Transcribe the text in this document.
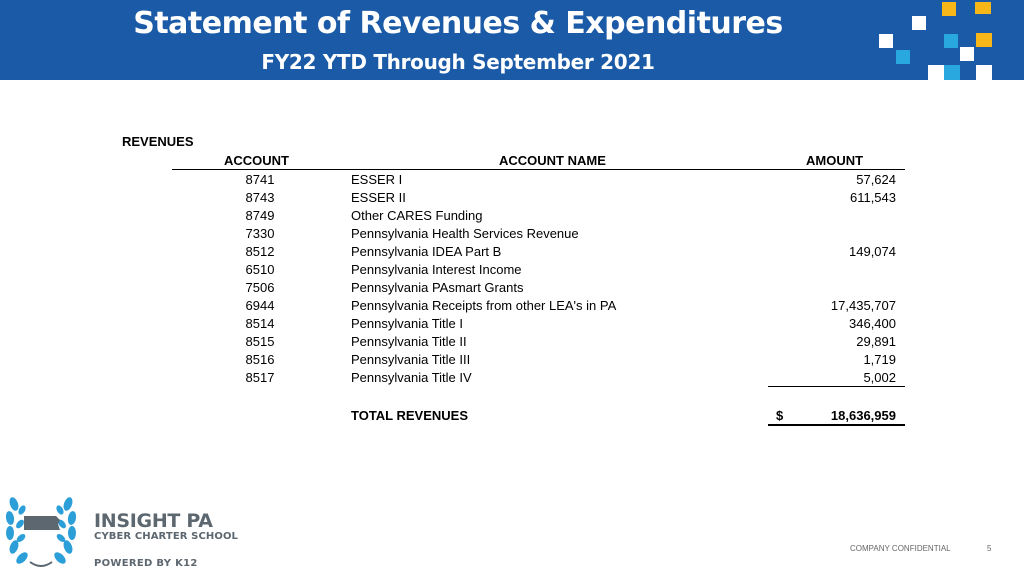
Statement of Revenues & Expenditures
FY22 YTD Through September 2021
REVENUES
ACCOUNT	ACCOUNT NAME	AMOUNT
8741	ESSER I	57,624
8743	ESSER II	611,543
8749	Other CARES Funding
7330	Pennsylvania Health Services Revenue
8512	Pennsylvania IDEA Part B	149,074
6510	Pennsylvania Interest Income
7506	Pennsylvania PAsmart Grants
6944	Pennsylvania Receipts from other LEA's in PA	17,435,707
8514	Pennsylvania Title I	346,400
8515	Pennsylvania Title II	29,891
8516	Pennsylvania Title III	1,719
8517	Pennsylvania Title IV	5,002
TOTAL REVENUES	$	18,636,959
INSIGHT PA
CYBER CHARTER SCHOOL
POWERED BY K12
COMPANY CONFIDENTIAL	5
